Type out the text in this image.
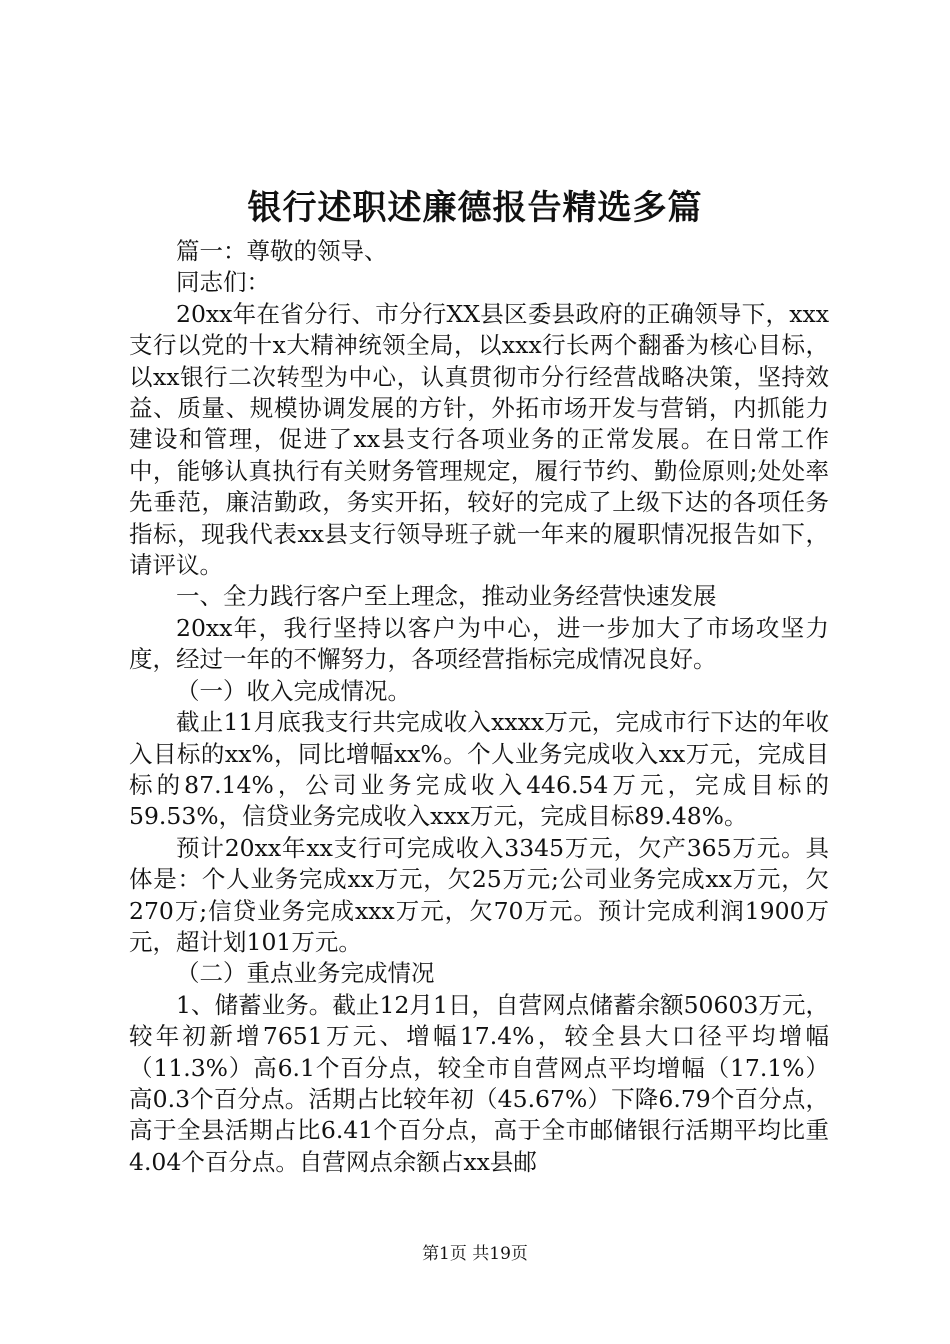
银行述职述廉德报告精选多篇

篇一：尊敬的领导、

同志们：

20xx年在省分行、市分行XX县区委县政府的正确领导下，xxx支行以党的十x大精神统领全局，以xxx行长两个翻番为核心目标，以xx银行二次转型为中心，认真贯彻市分行经营战略决策，坚持效益、质量、规模协调发展的方针，外拓市场开发与营销，内抓能力建设和管理，促进了xx县支行各项业务的正常发展。在日常工作中，能够认真执行有关财务管理规定，履行节约、勤俭原则;处处率先垂范，廉洁勤政，务实开拓，较好的完成了上级下达的各项任务指标，现我代表xx县支行领导班子就一年来的履职情况报告如下，请评议。

一、全力践行客户至上理念，推动业务经营快速发展

20xx年，我行坚持以客户为中心，进一步加大了市场攻坚力度，经过一年的不懈努力，各项经营指标完成情况良好。

（一）收入完成情况。

截止11月底我支行共完成收入xxxx万元，完成市行下达的年收入目标的xx%，同比增幅xx%。个人业务完成收入xx万元，完成目标的87.14%，公司业务完成收入446.54万元，完成目标的59.53%，信贷业务完成收入xxx万元，完成目标89.48%。

预计20xx年xx支行可完成收入3345万元，欠产365万元。具体是：个人业务完成xx万元，欠25万元;公司业务完成xx万元，欠270万;信贷业务完成xxx万元，欠70万元。预计完成利润1900万元，超计划101万元。

（二）重点业务完成情况

1、储蓄业务。截止12月1日，自营网点储蓄余额50603万元，较年初新增7651万元、增幅17.4%，较全县大口径平均增幅（11.3%）高6.1个百分点，较全市自营网点平均增幅（17.1%）高0.3个百分点。活期占比较年初（45.67%）下降6.79个百分点，高于全县活期占比6.41个百分点，高于全市邮储银行活期平均比重4.04个百分点。自营网点余额占xx县邮

第1页 共19页
